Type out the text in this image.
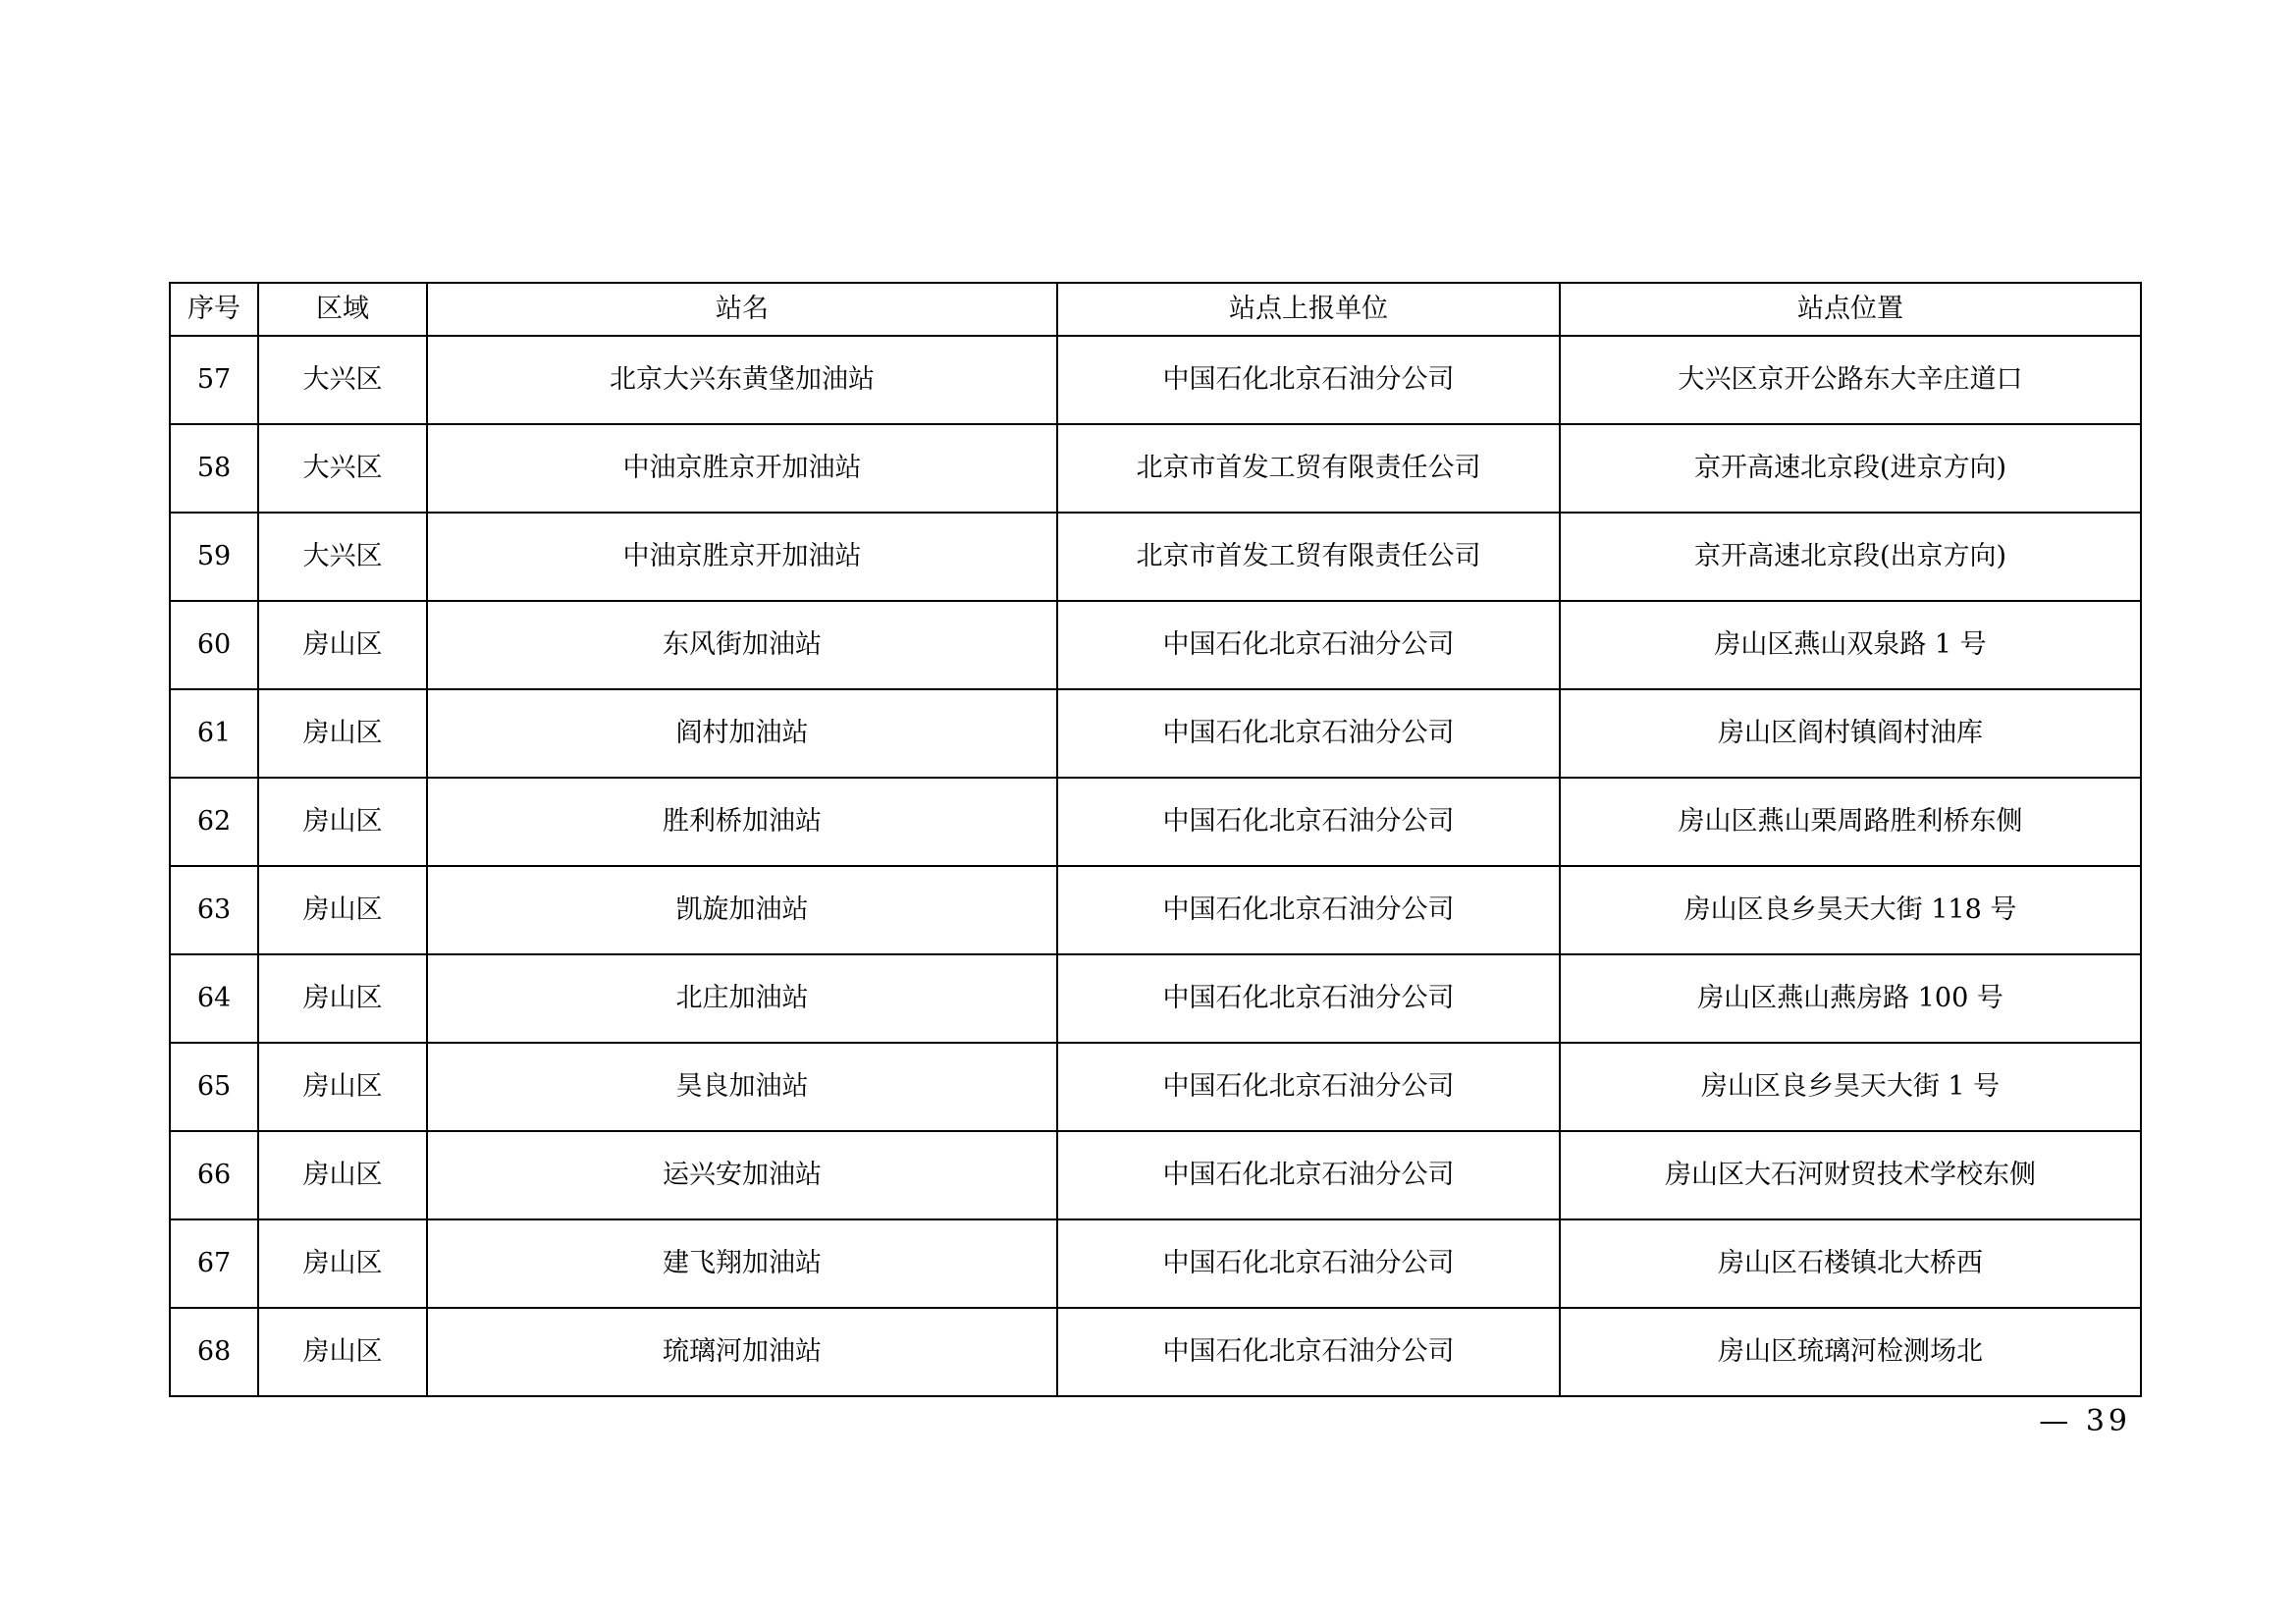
序号	区域	站名	站点上报单位	站点位置
57	大兴区	北京大兴东黄垡加油站	中国石化北京石油分公司	大兴区京开公路东大辛庄道口
58	大兴区	中油京胜京开加油站	北京市首发工贸有限责任公司	京开高速北京段(进京方向)
59	大兴区	中油京胜京开加油站	北京市首发工贸有限责任公司	京开高速北京段(出京方向)
60	房山区	东风街加油站	中国石化北京石油分公司	房山区燕山双泉路 1 号
61	房山区	阎村加油站	中国石化北京石油分公司	房山区阎村镇阎村油库
62	房山区	胜利桥加油站	中国石化北京石油分公司	房山区燕山栗周路胜利桥东侧
63	房山区	凯旋加油站	中国石化北京石油分公司	房山区良乡昊天大街 118 号
64	房山区	北庄加油站	中国石化北京石油分公司	房山区燕山燕房路 100 号
65	房山区	昊良加油站	中国石化北京石油分公司	房山区良乡昊天大街 1 号
66	房山区	运兴安加油站	中国石化北京石油分公司	房山区大石河财贸技术学校东侧
67	房山区	建飞翔加油站	中国石化北京石油分公司	房山区石楼镇北大桥西
68	房山区	琉璃河加油站	中国石化北京石油分公司	房山区琉璃河检测场北
— 39
